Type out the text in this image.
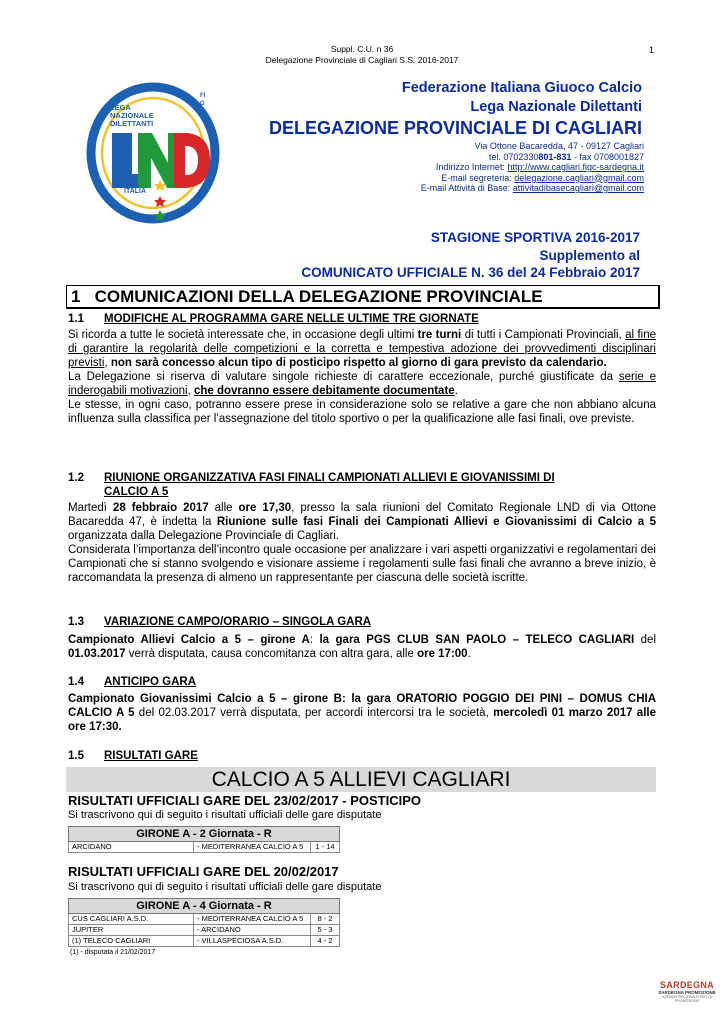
Suppl. C.U. n 36
Delegazione Provinciale di Cagliari S.S. 2016-2017
1
LEGA NAZIONALE DILETTANTI
ITALIA
FIGC
Federazione Italiana Giuoco Calcio
Lega Nazionale Dilettanti
DELEGAZIONE PROVINCIALE DI CAGLIARI
Via Ottone Bacaredda, 47 - 09127 Cagliari
tel. 0702330801-831 - fax 0708001827
Indirizzo Internet: http://www.cagliari.figc-sardegna.it
E-mail segreteria: delegazione.cagliari@gmail.com
E-mail Attività di Base: attivitadibasecagliari@gmail.com
STAGIONE SPORTIVA 2016-2017
Supplemento al
COMUNICATO UFFICIALE N. 36 del 24 Febbraio 2017
1   COMUNICAZIONI DELLA DELEGAZIONE PROVINCIALE
1.1 MODIFICHE AL PROGRAMMA GARE NELLE ULTIME TRE GIORNATE

Si ricorda a tutte le società interessate che, in occasione degli ultimi tre turni di tutti i Campionati Provinciali, al fine di garantire la regolarità delle competizioni e la corretta e tempestiva adozione dei provvedimenti disciplinari previsti, non sarà concesso alcun tipo di posticipo rispetto al giorno di gara previsto da calendario.

La Delegazione si riserva di valutare singole richieste di carattere eccezionale, purché giustificate da serie e inderogabili motivazioni, che dovranno essere debitamente documentate.

Le stesse, in ogni caso, potranno essere prese in considerazione solo se relative a gare che non abbiano alcuna influenza sulla classifica per l’assegnazione del titolo sportivo o per la qualificazione alle fasi finali, ove previste.

1.2 RIUNIONE ORGANIZZATIVA FASI FINALI CAMPIONATI ALLIEVI E GIOVANISSIMI DI
CALCIO A 5

Martedì 28 febbraio 2017 alle ore 17,30, presso la sala riunioni del Comitato Regionale LND di via Ottone Bacaredda 47, è indetta la Riunione sulle fasi Finali dei Campionati Allievi e Giovanissimi di Calcio a 5 organizzata dalla Delegazione Provinciale di Cagliari.

Considerata l’importanza dell’incontro quale occasione per analizzare i vari aspetti organizzativi e regolamentari dei Campionati che si stanno svolgendo e visionare assieme i regolamenti sulle fasi finali che avranno a breve inizio, è raccomandata la presenza di almeno un rappresentante per ciascuna delle società iscritte.

1.3 VARIAZIONE CAMPO/ORARIO – SINGOLA GARA

Campionato Allievi Calcio a 5 – girone A: la gara PGS CLUB SAN PAOLO – TELECO CAGLIARI del 01.03.2017 verrà disputata, causa concomitanza con altra gara, alle ore 17:00.

1.4 ANTICIPO GARA

Campionato Giovanissimi Calcio a 5 – girone B: la gara ORATORIO POGGIO DEI PINI – DOMUS CHIA CALCIO A 5 del 02.03.2017 verrà disputata, per accordi intercorsi tra le società, mercoledì 01 marzo 2017 alle ore 17:30.

1.5 RISULTATI GARE
CALCIO A 5 ALLIEVI CAGLIARI
RISULTATI UFFICIALI GARE DEL 23/02/2017 - POSTICIPO
Si trascrivono qui di seguito i risultati ufficiali delle gare disputate
GIRONE A - 2 Giornata - R
ARCIDANO	- MEDITERRANEA CALCIO A 5	1 - 14
RISULTATI UFFICIALI GARE DEL 20/02/2017
Si trascrivono qui di seguito i risultati ufficiali delle gare disputate
GIRONE A - 4 Giornata - R		
CUS CAGLIARI A.S.D.	- MEDITERRANEA CALCIO A 5	8 - 2
JUPITER	- ARCIDANO	5 - 3
(1) TELECO CAGLIARI	- VILLASPECIOSA A.S.D.	4 - 2
(1) - disputata il 21/02/2017
SARDEGNA
SARDEGNA PROMOZIONE
AGENZIA REGIONALE PER LA PROMOZIONE
